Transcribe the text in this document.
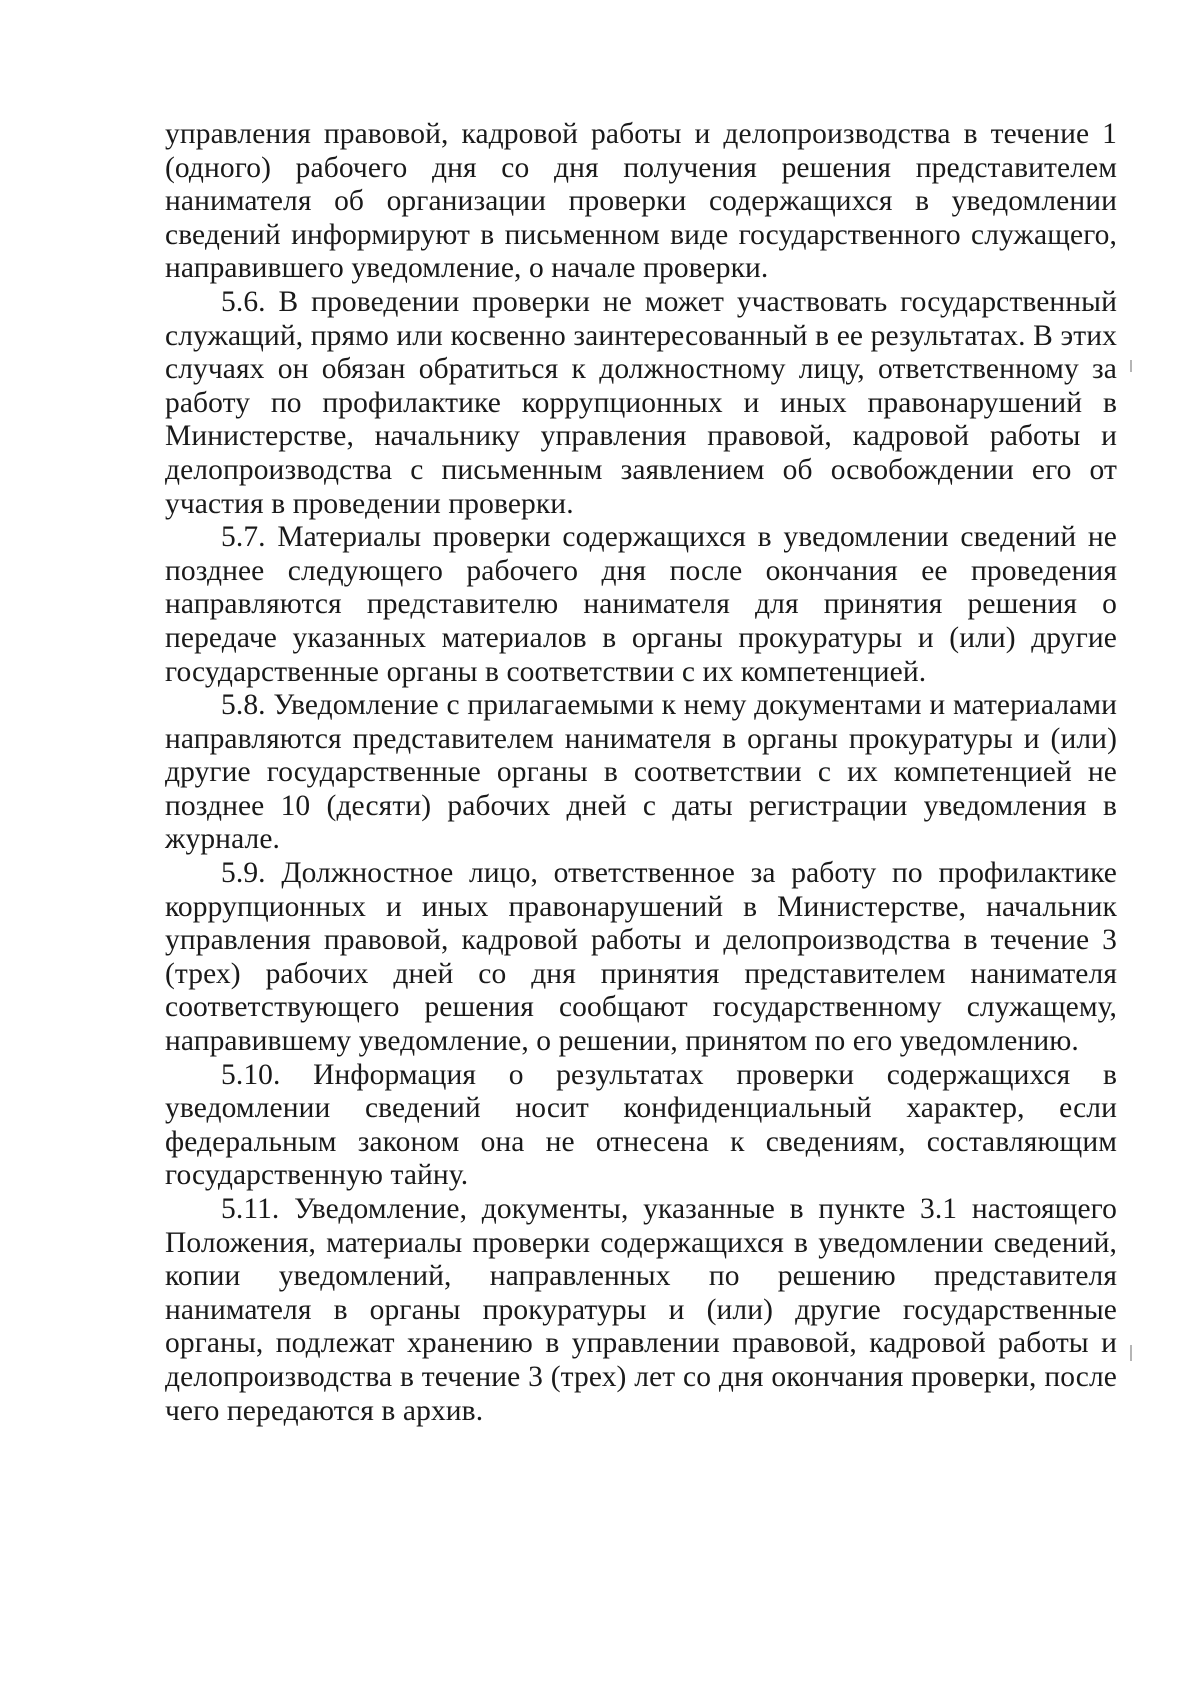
управления правовой, кадровой работы и делопроизводства в течение 1 (одного) рабочего дня со дня получения решения представителем нанимателя об организации проверки содержащихся в уведомлении сведений информируют в письменном виде государственного служащего, направившего уведомление, о начале проверки.

5.6. В проведении проверки не может участвовать государственный служащий, прямо или косвенно заинтересованный в ее результатах. В этих случаях он обязан обратиться к должностному лицу, ответственному за работу по профилактике коррупционных и иных правонарушений в Министерстве, начальнику управления правовой, кадровой работы и делопроизводства с письменным заявлением об освобождении его от участия в проведении проверки.

5.7. Материалы проверки содержащихся в уведомлении сведений не позднее следующего рабочего дня после окончания ее проведения направляются представителю нанимателя для принятия решения о передаче указанных материалов в органы прокуратуры и (или) другие государственные органы в соответствии с их компетенцией.

5.8. Уведомление с прилагаемыми к нему документами и материалами направляются представителем нанимателя в органы прокуратуры и (или) другие государственные органы в соответствии с их компетенцией не позднее 10 (десяти) рабочих дней с даты регистрации уведомления в журнале.

5.9. Должностное лицо, ответственное за работу по профилактике коррупционных и иных правонарушений в Министерстве, начальник управления правовой, кадровой работы и делопроизводства в течение 3 (трех) рабочих дней со дня принятия представителем нанимателя соответствующего решения сообщают государственному служащему, направившему уведомление, о решении, принятом по его уведомлению.

5.10. Информация о результатах проверки содержащихся в уведомлении сведений носит конфиденциальный характер, если федеральным законом она не отнесена к сведениям, составляющим государственную тайну.

5.11. Уведомление, документы, указанные в пункте 3.1 настоящего Положения, материалы проверки содержащихся в уведомлении сведений, копии уведомлений, направленных по решению представителя нанимателя в органы прокуратуры и (или) другие государственные органы, подлежат хранению в управлении правовой, кадровой работы и делопроизводства в течение 3 (трех) лет со дня окончания проверки, после чего передаются в архив.
